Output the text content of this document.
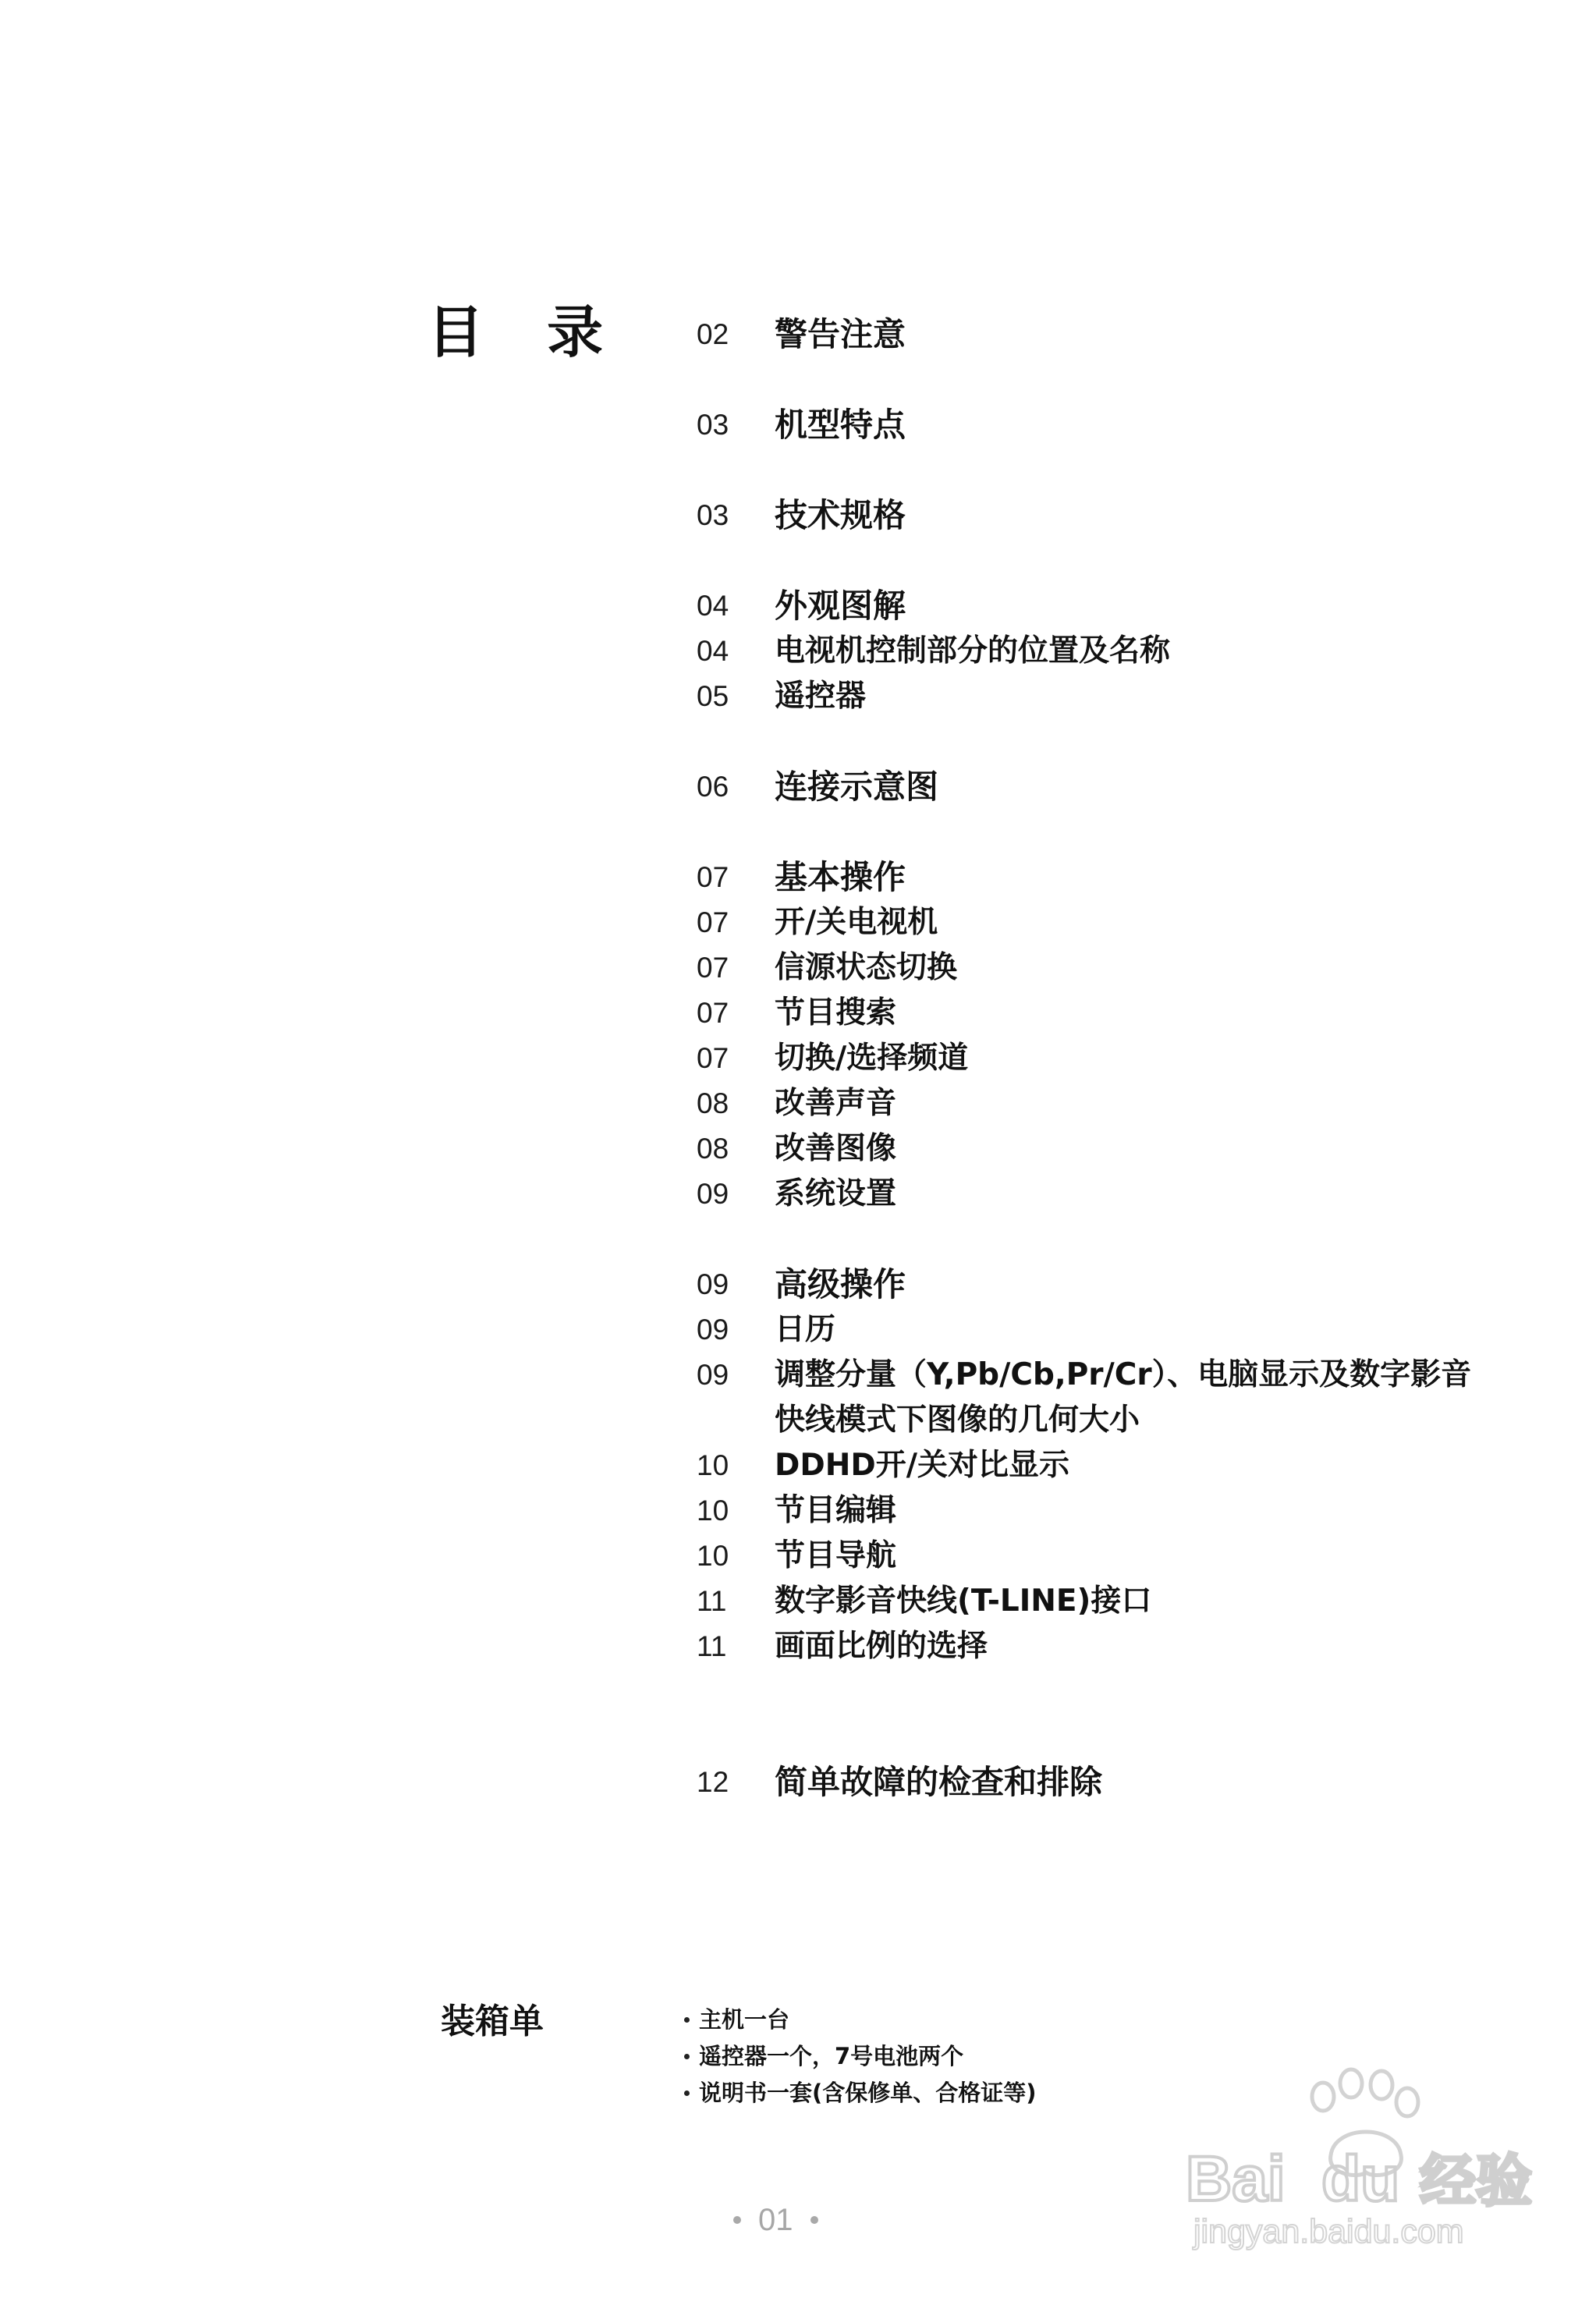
目 录 02	警告注意
03	机型特点
03	技术规格
04	外观图解
04	电视机控制部分的位置及名称
05	遥控器
06	连接示意图
07	基本操作
07	开/关电视机
07	信源状态切换
07	节目搜索
07	切换/选择频道
08	改善声音
08	改善图像
09	系统设置
09	高级操作
09	日历
09	调整分量（Y,Pb/Cb,Pr/Cr）、电脑显示及数字影音快线模式下图像的几何大小
10	DDHD开/关对比显示
10	节目编辑
10	节目导航
11	数字影音快线(T-LINE)接口
11	画面比例的选择
12	简单故障的检查和排除
装箱单	主机一台
遥控器一个，7号电池两个
说明书一套(含保修单、合格证等)
01
Bai du 经验
jingyan.baidu.com
